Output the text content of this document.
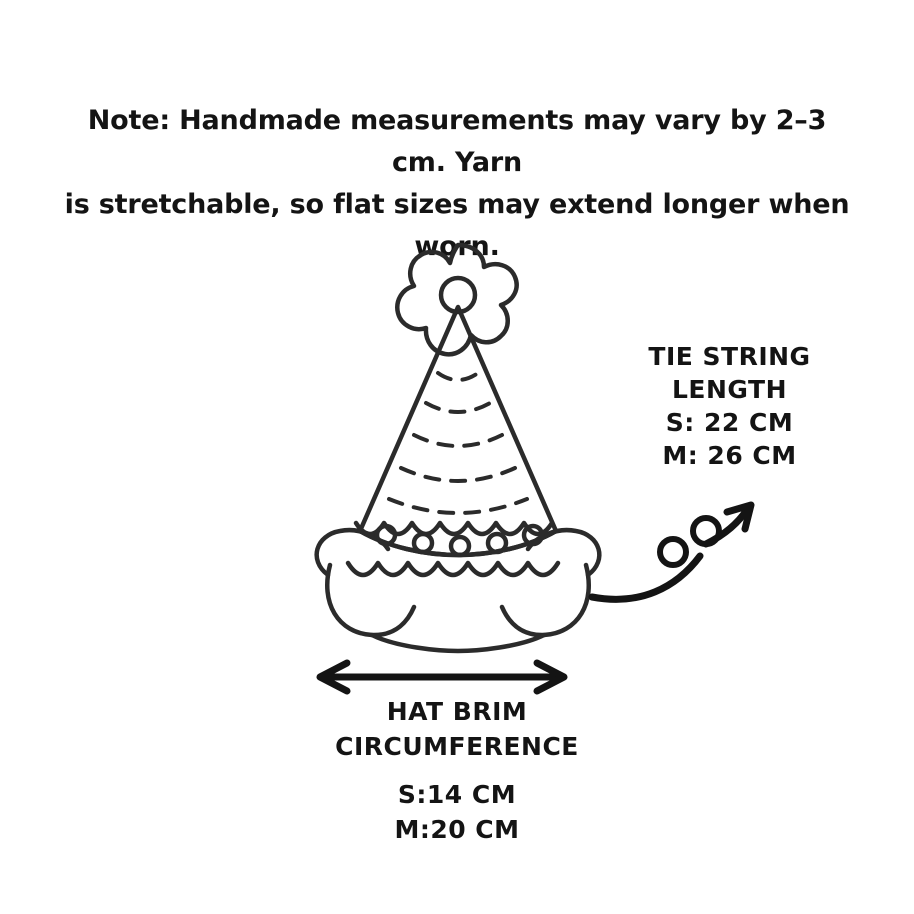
Note: Handmade measurements may vary by 2–3 cm. Yarn
is stretchable, so flat sizes may extend longer when worn.
TIE STRING
LENGTH
S: 22 CM
M: 26 CM
HAT BRIM
CIRCUMFERENCE
S:14 CM
M:20 CM
